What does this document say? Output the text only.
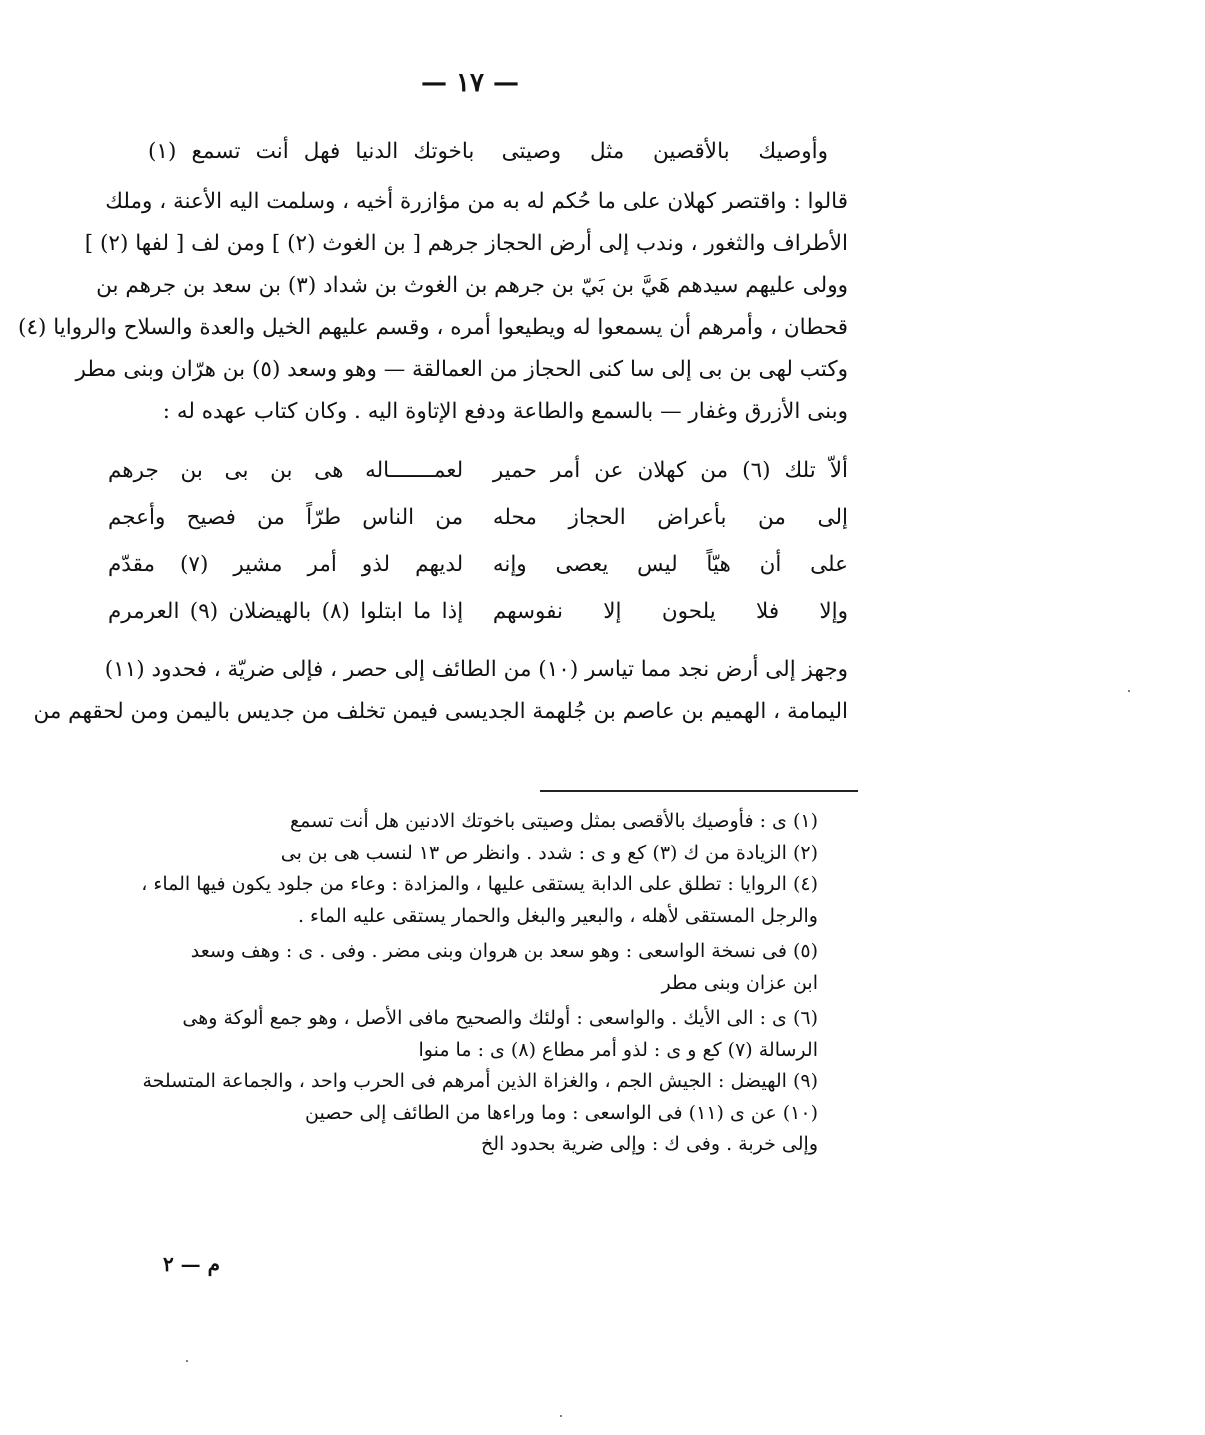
— ١٧ —
وأوصيك بالأقصين مثل وصيتى
باخوتك الدنيا فهل أنت تسمع (١)
قالوا : واقتصر كهلان على ما حُكم له به من مؤازرة أخيه ، وسلمت اليه الأعنة ، وملك
الأطراف والثغور ، وندب إلى أرض الحجاز جرهم [ بن الغوث (٢) ] ومن لف [ لفها (٢) ]
وولى عليهم سيدهم هَيَّ بن بَيّ بن جرهم بن الغوث بن شداد (٣) بن سعد بن جرهم بن
قحطان ، وأمرهم أن يسمعوا له ويطيعوا أمره ، وقسم عليهم الخيل والعدة والسلاح والروايا (٤)
وكتب لهى بن بى إلى سا كنى الحجاز من العمالقة — وهو وسعد (٥) بن هرّان وبنى مطر
وبنى الأزرق وغفار — بالسمع والطاعة ودفع الإتاوة اليه . وكان كتاب عهده له :
ألاّ تلك (٦) من كهلان عن أمر حمير
لعمـــــــاله هى بن بى بن جرهم
إلى من بأعراض الحجاز محله
من الناس طرّاً من فصيح وأعجم
على أن هيّاً ليس يعصى وإنه
لديهم لذو أمر مشير (٧) مقدّم
وإلا فلا يلحون إلا نفوسهم
إذا ما ابتلوا (٨) بالهيضلان (٩) العرمرم
وجهز إلى أرض نجد مما تياسر (١٠) من الطائف إلى حصر ، فإلى ضريّة ، فحدود (١١)
اليمامة ، الهميم بن عاصم بن جُلهمة الجديسى فيمن تخلف من جديس باليمن ومن لحقهم من
(١) ى : فأوصيك بالأقصى بمثل وصيتى باخوتك الادنين هل أنت تسمع
(٢) الزيادة من ك (٣) كع و ى : شدد . وانظر ص ١٣ لنسب هى بن بى
(٤) الروايا : تطلق على الدابة يستقى عليها ، والمزادة : وعاء من جلود يكون فيها الماء ،
والرجل المستقى لأهله ، والبعير والبغل والحمار يستقى عليه الماء .
(٥) فى نسخة الواسعى : وهو سعد بن هروان وبنى مضر . وفى . ى : وهف وسعد
ابن عزان وبنى مطر
(٦) ى : الى الأيك . والواسعى : أولئك والصحيح مافى الأصل ، وهو جمع ألوكة وهى
الرسالة (٧) كع و ى : لذو أمر مطاع (٨) ى : ما منوا
(٩) الهيضل : الجيش الجم ، والغزاة الذين أمرهم فى الحرب واحد ، والجماعة المتسلحة
(١٠) عن ى (١١) فى الواسعى : وما وراءها من الطائف إلى حصين
وإلى خربة . وفى ك : وإلى ضرية بحدود الخ
م — ٢
